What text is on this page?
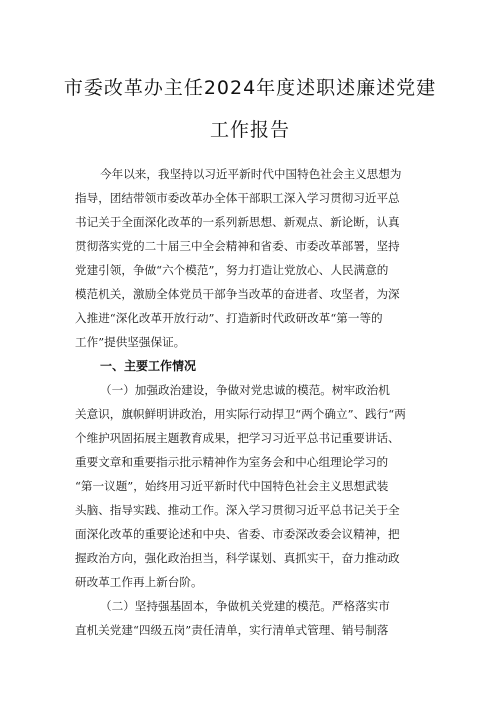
市委改革办主任2024年度述职述廉述党建
工作报告
今年以来，我坚持以习近平新时代中国特色社会主义思想为
指导，团结带领市委改革办全体干部职工深入学习贯彻习近平总
书记关于全面深化改革的一系列新思想、新观点、新论断，认真
贯彻落实党的二十届三中全会精神和省委、市委改革部署，坚持
党建引领，争做“六个模范”，努力打造让党放心、人民满意的
模范机关，激励全体党员干部争当改革的奋进者、攻坚者，为深
入推进“深化改革开放行动”、打造新时代政研改革“第一等的
工作”提供坚强保证。
一、主要工作情况
（一）加强政治建设，争做对党忠诚的模范。树牢政治机
关意识，旗帜鲜明讲政治，用实际行动捍卫“两个确立”、践行“两
个维护巩固拓展主题教育成果，把学习习近平总书记重要讲话、
重要文章和重要指示批示精神作为室务会和中心组理论学习的
“第一议题”，始终用习近平新时代中国特色社会主义思想武装
头脑、指导实践、推动工作。深入学习贯彻习近平总书记关于全
面深化改革的重要论述和中央、省委、市委深改委会议精神，把
握政治方向，强化政治担当，科学谋划、真抓实干，奋力推动政
研改革工作再上新台阶。
（二）坚持强基固本，争做机关党建的模范。严格落实市
直机关党建“四级五岗”责任清单，实行清单式管理、销号制落
